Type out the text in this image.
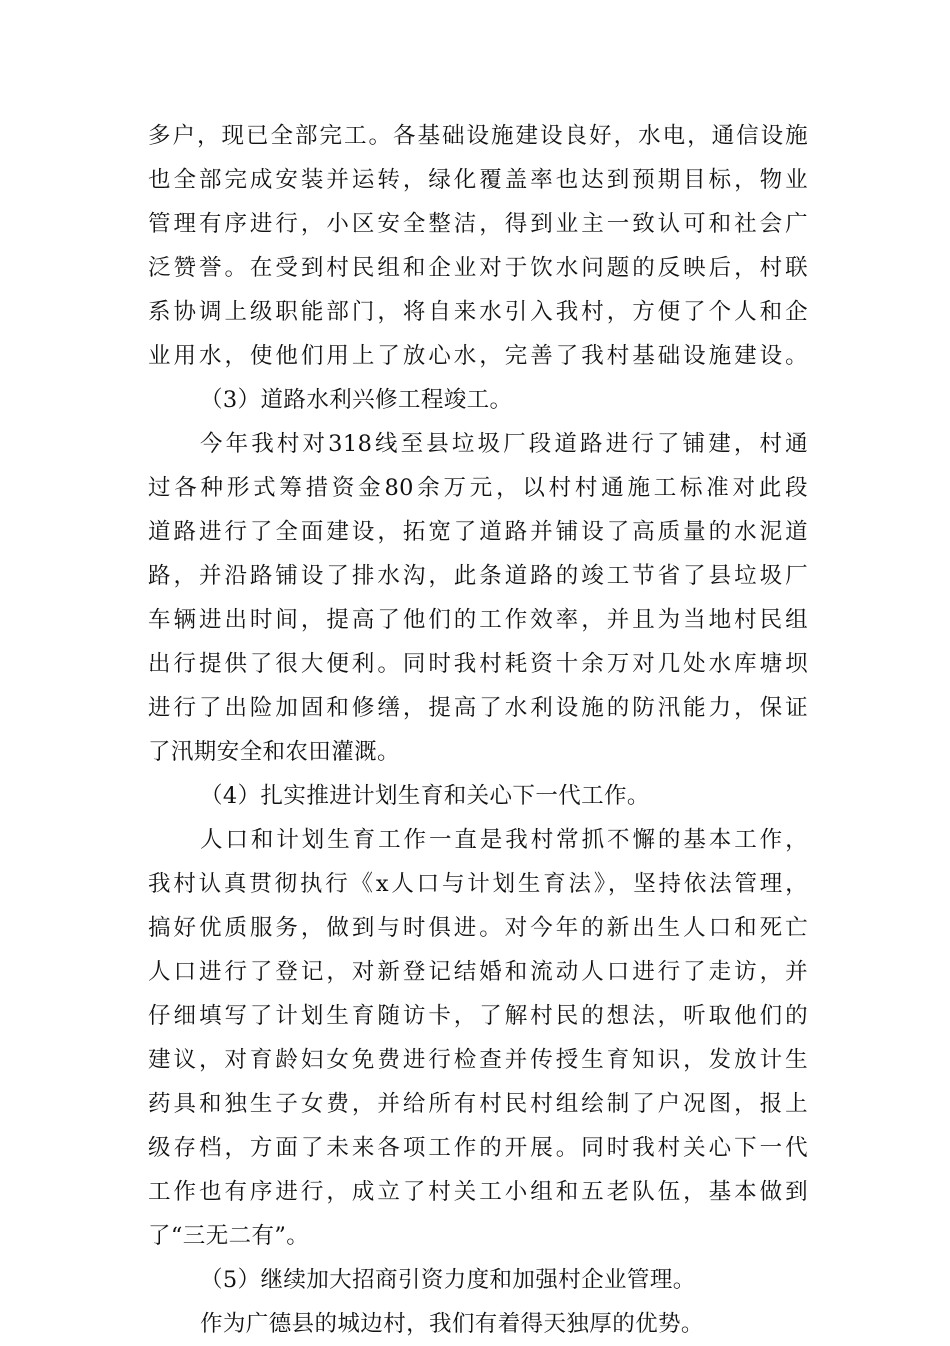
多户，现已全部完工。各基础设施建设良好，水电，通信设施
也全部完成安装并运转，绿化覆盖率也达到预期目标，物业
管理有序进行，小区安全整洁，得到业主一致认可和社会广
泛赞誉。在受到村民组和企业对于饮水问题的反映后，村联
系协调上级职能部门，将自来水引入我村，方便了个人和企
业用水，使他们用上了放心水，完善了我村基础设施建设。
（3）道路水利兴修工程竣工。
今年我村对318线至县垃圾厂段道路进行了铺建，村通
过各种形式筹措资金80余万元，以村村通施工标准对此段
道路进行了全面建设，拓宽了道路并铺设了高质量的水泥道
路，并沿路铺设了排水沟，此条道路的竣工节省了县垃圾厂
车辆进出时间，提高了他们的工作效率，并且为当地村民组
出行提供了很大便利。同时我村耗资十余万对几处水库塘坝
进行了出险加固和修缮，提高了水利设施的防汛能力，保证
了汛期安全和农田灌溉。
（4）扎实推进计划生育和关心下一代工作。
人口和计划生育工作一直是我村常抓不懈的基本工作，
我村认真贯彻执行《x人口与计划生育法》，坚持依法管理，
搞好优质服务，做到与时俱进。对今年的新出生人口和死亡
人口进行了登记，对新登记结婚和流动人口进行了走访，并
仔细填写了计划生育随访卡，了解村民的想法，听取他们的
建议，对育龄妇女免费进行检查并传授生育知识，发放计生
药具和独生子女费，并给所有村民村组绘制了户况图，报上
级存档，方面了未来各项工作的开展。同时我村关心下一代
工作也有序进行，成立了村关工小组和五老队伍，基本做到
了“三无二有”。
（5）继续加大招商引资力度和加强村企业管理。
作为广德县的城边村，我们有着得天独厚的优势。
